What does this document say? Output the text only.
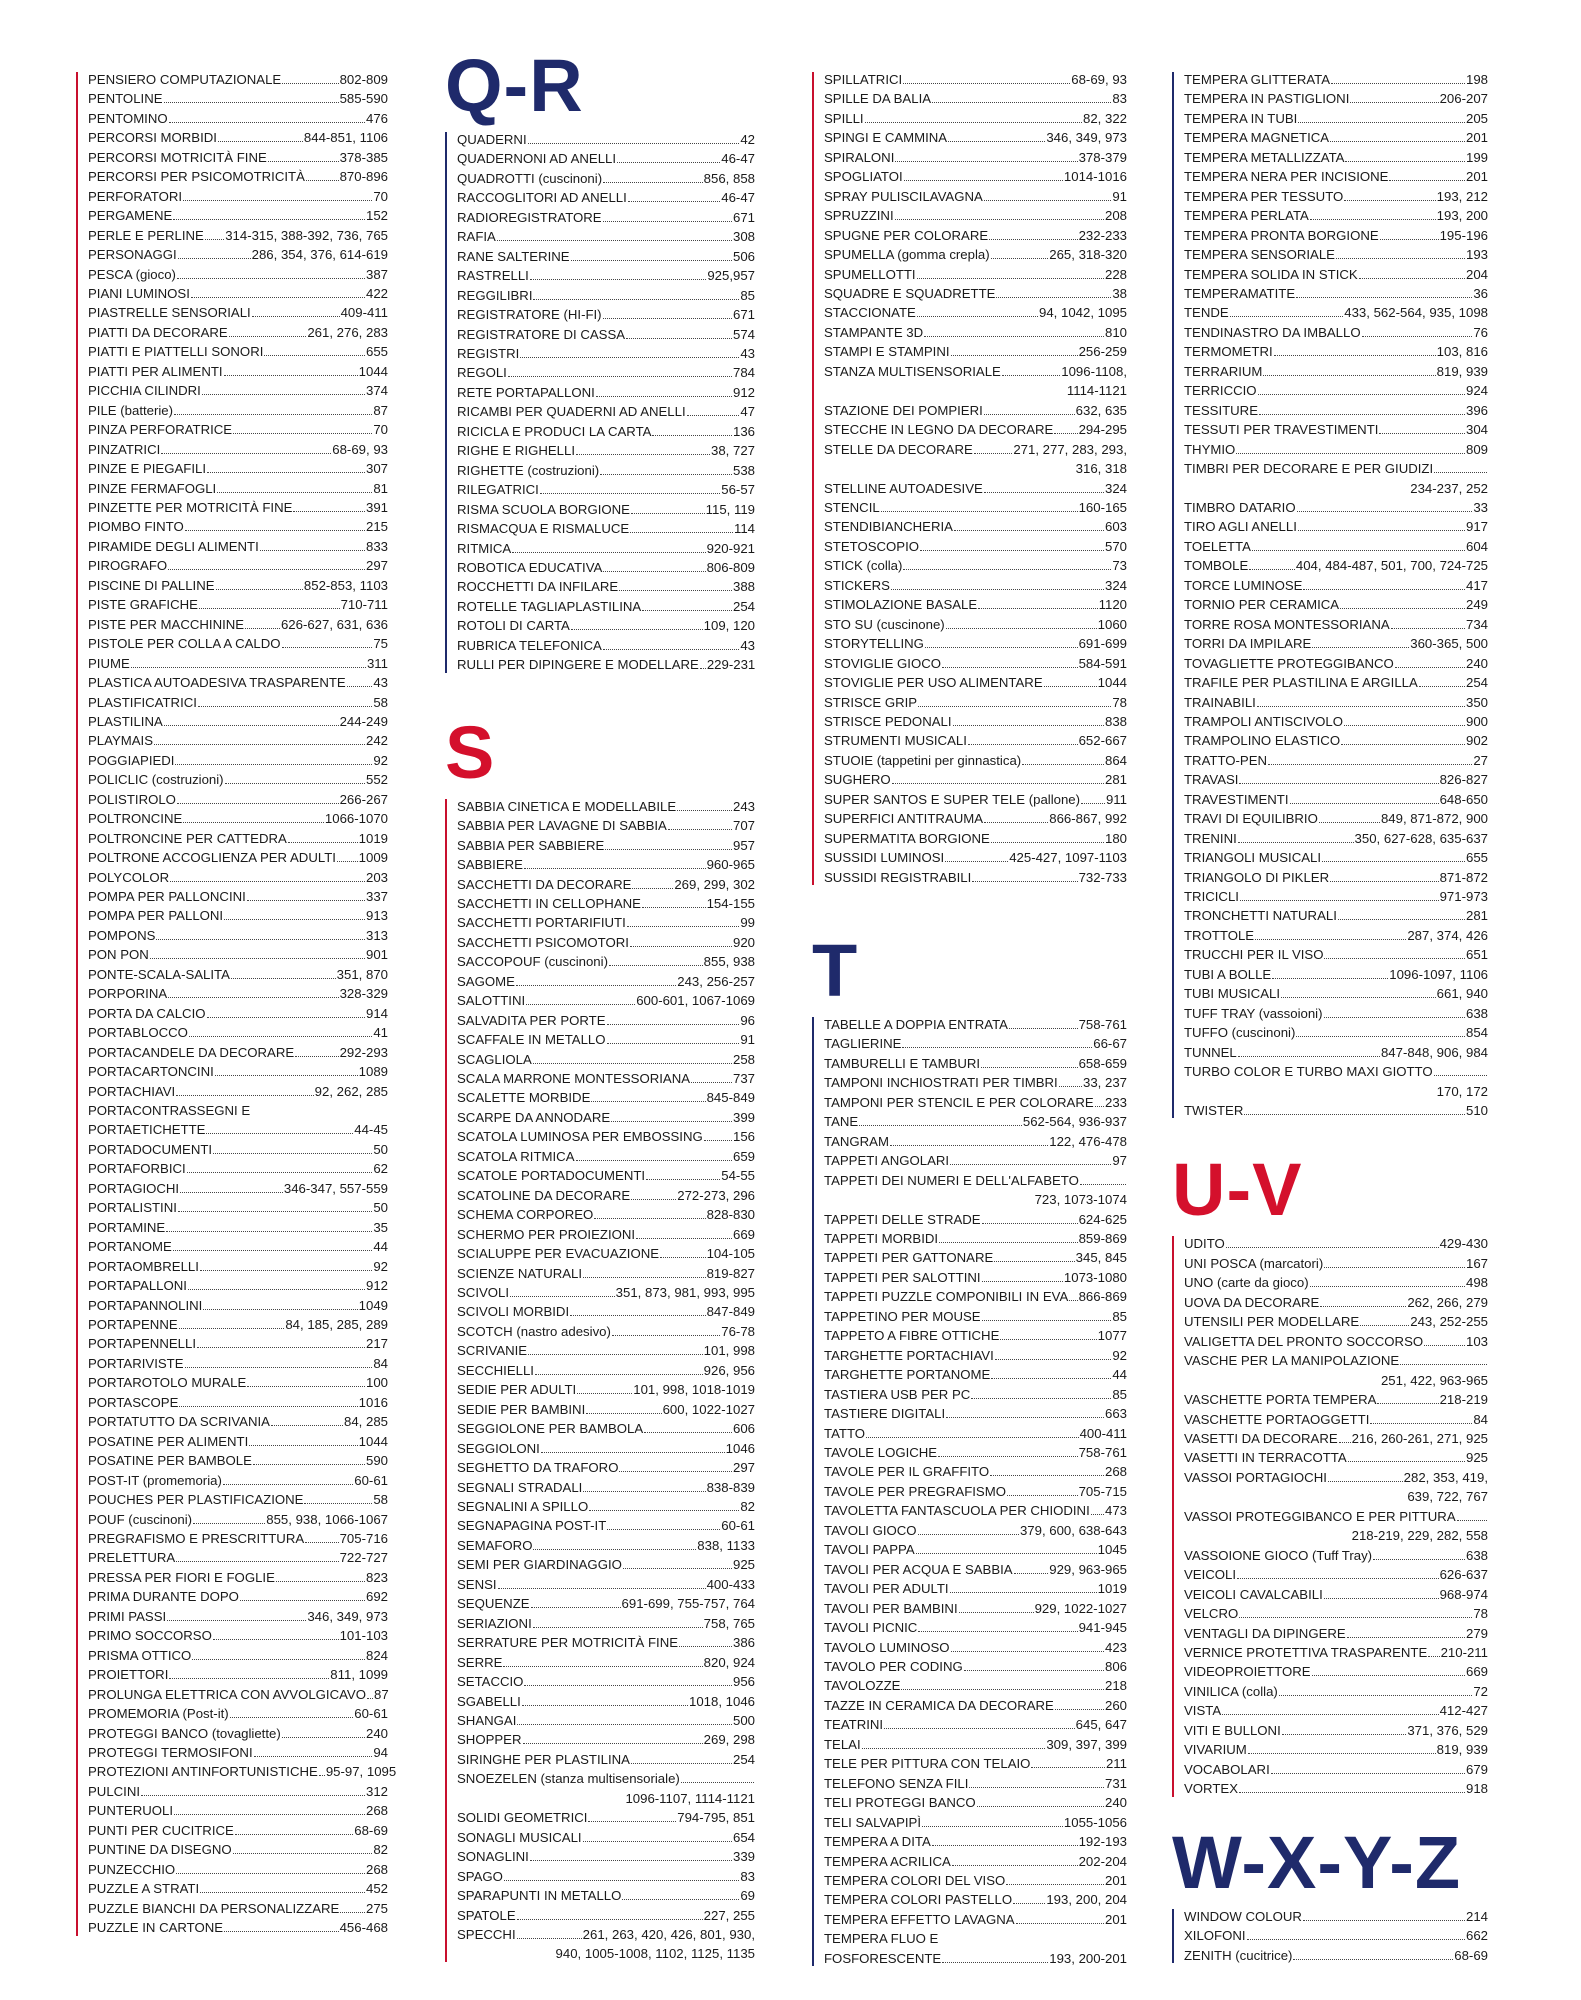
PENSIERO COMPUTAZIONALE	802-809
PENTOLINE	585-590
PENTOMINO	476
PERCORSI MORBIDI	844-851, 1106
PERCORSI MOTRICITÀ FINE	378-385
PERCORSI PER PSICOMOTRICITÀ	870-896
PERFORATORI	70
PERGAMENE	152
PERLE E PERLINE 314-315, 388-392, 736, 765
PERSONAGGI	286, 354, 376, 614-619
PESCA (gioco)	387
PIANI LUMINOSI	422
PIASTRELLE SENSORIALI	409-411
PIATTI DA DECORARE	261, 276, 283
PIATTI E PIATTELLI SONORI	655
PIATTI PER ALIMENTI	1044
PICCHIA CILINDRI	374
PILE (batterie)	87
PINZA PERFORATRICE	70
PINZATRICI	68-69, 93
PINZE E PIEGAFILI	307
PINZE FERMAFOGLI	81
PINZETTE PER MOTRICITÀ FINE	391
PIOMBO FINTO	215
PIRAMIDE DEGLI ALIMENTI	833
PIROGRAFO	297
PISCINE DI PALLINE	852-853, 1103
PISTE GRAFICHE	710-711
PISTE PER MACCHININE	626-627, 631, 636
PISTOLE PER COLLA A CALDO	75
PIUME	311
PLASTICA AUTOADESIVA TRASPARENTE 43
PLASTIFICATRICI	58
PLASTILINA	244-249
PLAYMAIS	242
POGGIAPIEDI	92
POLICLIC (costruzioni)	552
POLISTIROLO	266-267
POLTRONCINE	1066-1070
POLTRONCINE PER CATTEDRA	1019
POLTRONE ACCOGLIENZA PER ADULTI 1009
POLYCOLOR	203
POMPA PER PALLONCINI	337
POMPA PER PALLONI	913
POMPONS	313
PON PON	901
PONTE-SCALA-SALITA	351, 870
PORPORINA	328-329
PORTA DA CALCIO	914
PORTABLOCCO	41
PORTACANDELE DA DECORARE	292-293
PORTACARTONCINI	1089
PORTACHIAVI	92, 262, 285
PORTACONTRASSEGNI E
PORTAETICHETTE	44-45
PORTADOCUMENTI	50
PORTAFORBICI	62
PORTAGIOCHI	346-347, 557-559
PORTALISTINI	50
PORTAMINE	35
PORTANOME	44
PORTAOMBRELLI	92
PORTAPALLONI	912
PORTAPANNOLINI	1049
PORTAPENNE	84, 185, 285, 289
PORTAPENNELLI	217
PORTARIVISTE	84
PORTAROTOLO MURALE	100
PORTASCOPE	1016
PORTATUTTO DA SCRIVANIA	84, 285
POSATINE PER ALIMENTI	1044
POSATINE PER BAMBOLE	590
POST-IT (promemoria)	60-61
POUCHES PER PLASTIFICAZIONE	58
POUF (cuscinoni)	855, 938, 1066-1067
PREGRAFISMO E PRESCRITTURA	705-716
PRELETTURA	722-727
PRESSA PER FIORI E FOGLIE	823
PRIMA DURANTE DOPO	692
PRIMI PASSI	346, 349, 973
PRIMO SOCCORSO	101-103
PRISMA OTTICO	824
PROIETTORI	811, 1099
PROLUNGA ELETTRICA CON AVVOLGICAVO 87
PROMEMORIA (Post-it)	60-61
PROTEGGI BANCO (tovagliette)	240
PROTEGGI TERMOSIFONI	94
PROTEZIONI ANTINFORTUNISTICHE 95-97, 1095
PULCINI	312
PUNTERUOLI	268
PUNTI PER CUCITRICE	68-69
PUNTINE DA DISEGNO	82
PUNZECCHIO	268
PUZZLE A STRATI	452
PUZZLE BIANCHI DA PERSONALIZZARE 275
PUZZLE IN CARTONE	456-468
Q-R
QUADERNI	42
QUADERNONI AD ANELLI	46-47
QUADROTTI (cuscinoni)	856, 858
RACCOGLITORI AD ANELLI	46-47
RADIOREGISTRATORE	671
RAFIA	308
RANE SALTERINE	506
RASTRELLI	925,957
REGGILIBRI	85
REGISTRATORE (HI-FI)	671
REGISTRATORE DI CASSA	574
REGISTRI	43
REGOLI	784
RETE PORTAPALLONI	912
RICAMBI PER QUADERNI AD ANELLI	47
RICICLA E PRODUCI LA CARTA	136
RIGHE E RIGHELLI	38, 727
RIGHETTE (costruzioni)	538
RILEGATRICI	56-57
RISMA SCUOLA BORGIONE	115, 119
RISMACQUA E RISMALUCE	114
RITMICA	920-921
ROBOTICA EDUCATIVA	806-809
ROCCHETTI DA INFILARE	388
ROTELLE TAGLIAPLASTILINA	254
ROTOLI DI CARTA	109, 120
RUBRICA TELEFONICA	43
RULLI PER DIPINGERE E MODELLARE 229-231
S
SABBIA CINETICA E MODELLABILE	243
SABBIA PER LAVAGNE DI SABBIA	707
SABBIA PER SABBIERE	957
SABBIERE	960-965
SACCHETTI DA DECORARE	269, 299, 302
SACCHETTI IN CELLOPHANE	154-155
SACCHETTI PORTARIFIUTI	99
SACCHETTI PSICOMOTORI	920
SACCOPOUF (cuscinoni)	855, 938
SAGOME	243, 256-257
SALOTTINI	600-601, 1067-1069
SALVADITA PER PORTE	96
SCAFFALE IN METALLO	91
SCAGLIOLA	258
SCALA MARRONE MONTESSORIANA	737
SCALETTE MORBIDE	845-849
SCARPE DA ANNODARE	399
SCATOLA LUMINOSA PER EMBOSSING 156
SCATOLA RITMICA	659
SCATOLE PORTADOCUMENTI	54-55
SCATOLINE DA DECORARE	272-273, 296
SCHEMA CORPOREO	828-830
SCHERMO PER PROIEZIONI	669
SCIALUPPE PER EVACUAZIONE	104-105
SCIENZE NATURALI	819-827
SCIVOLI	351, 873, 981, 993, 995
SCIVOLI MORBIDI	847-849
SCOTCH (nastro adesivo)	76-78
SCRIVANIE	101, 998
SECCHIELLI	926, 956
SEDIE PER ADULTI	101, 998, 1018-1019
SEDIE PER BAMBINI	600, 1022-1027
SEGGIOLONE PER BAMBOLA	606
SEGGIOLONI	1046
SEGHETTO DA TRAFORO	297
SEGNALI STRADALI	838-839
SEGNALINI A SPILLO	82
SEGNAPAGINA POST-IT	60-61
SEMAFORO	838, 1133
SEMI PER GIARDINAGGIO	925
SENSI	400-433
SEQUENZE	691-699, 755-757, 764
SERIAZIONI	758, 765
SERRATURE PER MOTRICITÀ FINE	386
SERRE	820, 924
SETACCIO	956
SGABELLI	1018, 1046
SHANGAI	500
SHOPPER	269, 298
SIRINGHE PER PLASTILINA	254
SNOEZELEN (stanza multisensoriale)
1096-1107, 1114-1121
SOLIDI GEOMETRICI	794-795, 851
SONAGLI MUSICALI	654
SONAGLINI	339
SPAGO	83
SPARAPUNTI IN METALLO	69
SPATOLE	227, 255
SPECCHI	261, 263, 420, 426, 801, 930,
940, 1005-1008, 1102, 1125, 1135
SPILLATRICI	68-69, 93
SPILLE DA BALIA	83
SPILLI	82, 322
SPINGI E CAMMINA	346, 349, 973
SPIRALONI	378-379
SPOGLIATOI	1014-1016
SPRAY PULISCILAVAGNA	91
SPRUZZINI	208
SPUGNE PER COLORARE	232-233
SPUMELLA (gomma crepla)	265, 318-320
SPUMELLOTTI	228
SQUADRE E SQUADRETTE	38
STACCIONATE	94, 1042, 1095
STAMPANTE 3D	810
STAMPI E STAMPINI	256-259
STANZA MULTISENSORIALE	1096-1108,
1114-1121
STAZIONE DEI POMPIERI	632, 635
STECCHE IN LEGNO DA DECORARE 294-295
STELLE DA DECORARE	271, 277, 283, 293,
316, 318
STELLINE AUTOADESIVE	324
STENCIL	160-165
STENDIBIANCHERIA	603
STETOSCOPIO	570
STICK (colla)	73
STICKERS	324
STIMOLAZIONE BASALE	1120
STO SU (cuscinone)	1060
STORYTELLING	691-699
STOVIGLIE GIOCO	584-591
STOVIGLIE PER USO ALIMENTARE	1044
STRISCE GRIP	78
STRISCE PEDONALI	838
STRUMENTI MUSICALI	652-667
STUOIE (tappetini per ginnastica)	864
SUGHERO	281
SUPER SANTOS E SUPER TELE (pallone) 911
SUPERFICI ANTITRAUMA	866-867, 992
SUPERMATITA BORGIONE	180
SUSSIDI LUMINOSI	425-427, 1097-1103
SUSSIDI REGISTRABILI	732-733
T
TABELLE A DOPPIA ENTRATA	758-761
TAGLIERINE	66-67
TAMBURELLI E TAMBURI	658-659
TAMPONI INCHIOSTRATI PER TIMBRI 33, 237
TAMPONI PER STENCIL E PER COLORARE 233
TANE	562-564, 936-937
TANGRAM	122, 476-478
TAPPETI ANGOLARI	97
TAPPETI DEI NUMERI E DELL'ALFABETO
723, 1073-1074
TAPPETI DELLE STRADE	624-625
TAPPETI MORBIDI	859-869
TAPPETI PER GATTONARE	345, 845
TAPPETI PER SALOTTINI	1073-1080
TAPPETI PUZZLE COMPONIBILI IN EVA 866-869
TAPPETINO PER MOUSE	85
TAPPETO A FIBRE OTTICHE	1077
TARGHETTE PORTACHIAVI	92
TARGHETTE PORTANOME	44
TASTIERA USB PER PC	85
TASTIERE DIGITALI	663
TATTO	400-411
TAVOLE LOGICHE	758-761
TAVOLE PER IL GRAFFITO	268
TAVOLE PER PREGRAFISMO	705-715
TAVOLETTA FANTASCUOLA PER CHIODINI 473
TAVOLI GIOCO	379, 600, 638-643
TAVOLI PAPPA	1045
TAVOLI PER ACQUA E SABBIA	929, 963-965
TAVOLI PER ADULTI	1019
TAVOLI PER BAMBINI	929, 1022-1027
TAVOLI PICNIC	941-945
TAVOLO LUMINOSO	423
TAVOLO PER CODING	806
TAVOLOZZE	218
TAZZE IN CERAMICA DA DECORARE	260
TEATRINI	645, 647
TELAI	309, 397, 399
TELE PER PITTURA CON TELAIO	211
TELEFONO SENZA FILI	731
TELI PROTEGGI BANCO	240
TELI SALVAPIPÌ	1055-1056
TEMPERA A DITA	192-193
TEMPERA ACRILICA	202-204
TEMPERA COLORI DEL VISO	201
TEMPERA COLORI PASTELLO	193, 200, 204
TEMPERA EFFETTO LAVAGNA	201
TEMPERA FLUO E
FOSFORESCENTE	193, 200-201
TEMPERA GLITTERATA	198
TEMPERA IN PASTIGLIONI	206-207
TEMPERA IN TUBI	205
TEMPERA MAGNETICA	201
TEMPERA METALLIZZATA	199
TEMPERA NERA PER INCISIONE	201
TEMPERA PER TESSUTO	193, 212
TEMPERA PERLATA	193, 200
TEMPERA PRONTA BORGIONE	195-196
TEMPERA SENSORIALE	193
TEMPERA SOLIDA IN STICK	204
TEMPERAMATITE	36
TENDE	433, 562-564, 935, 1098
TENDINASTRO DA IMBALLO	76
TERMOMETRI	103, 816
TERRARIUM	819, 939
TERRICCIO	924
TESSITURE	396
TESSUTI PER TRAVESTIMENTI	304
THYMIO	809
TIMBRI PER DECORARE E PER GIUDIZI
234-237, 252
TIMBRO DATARIO	33
TIRO AGLI ANELLI	917
TOELETTA	604
TOMBOLE	404, 484-487, 501, 700, 724-725
TORCE LUMINOSE	417
TORNIO PER CERAMICA	249
TORRE ROSA MONTESSORIANA	734
TORRI DA IMPILARE	360-365, 500
TOVAGLIETTE PROTEGGIBANCO	240
TRAFILE PER PLASTILINA E ARGILLA	254
TRAINABILI	350
TRAMPOLI ANTISCIVOLO	900
TRAMPOLINO ELASTICO	902
TRATTO-PEN	27
TRAVASI	826-827
TRAVESTIMENTI	648-650
TRAVI DI EQUILIBRIO	849, 871-872, 900
TRENINI	350, 627-628, 635-637
TRIANGOLI MUSICALI	655
TRIANGOLO DI PIKLER	871-872
TRICICLI	971-973
TRONCHETTI NATURALI	281
TROTTOLE	287, 374, 426
TRUCCHI PER IL VISO	651
TUBI A BOLLE	1096-1097, 1106
TUBI MUSICALI	661, 940
TUFF TRAY (vassoioni)	638
TUFFO (cuscinoni)	854
TUNNEL	847-848, 906, 984
TURBO COLOR E TURBO MAXI GIOTTO
170, 172
TWISTER	510
U-V
UDITO	429-430
UNI POSCA (marcatori)	167
UNO (carte da gioco)	498
UOVA DA DECORARE	262, 266, 279
UTENSILI PER MODELLARE	243, 252-255
VALIGETTA DEL PRONTO SOCCORSO	103
VASCHE PER LA MANIPOLAZIONE
251, 422, 963-965
VASCHETTE PORTA TEMPERA	218-219
VASCHETTE PORTAOGGETTI	84
VASETTI DA DECORARE 216, 260-261, 271, 925
VASETTI IN TERRACOTTA	925
VASSOI PORTAGIOCHI	282, 353, 419,
639, 722, 767
VASSOI PROTEGGIBANCO E PER PITTURA
218-219, 229, 282, 558
VASSOIONE GIOCO (Tuff Tray)	638
VEICOLI	626-637
VEICOLI CAVALCABILI	968-974
VELCRO	78
VENTAGLI DA DIPINGERE	279
VERNICE PROTETTIVA TRASPARENTE 210-211
VIDEOPROIETTORE	669
VINILICA (colla)	72
VISTA	412-427
VITI E BULLONI	371, 376, 529
VIVARIUM	819, 939
VOCABOLARI	679
VORTEX	918
W-X-Y-Z
WINDOW COLOUR	214
XILOFONI	662
ZENITH (cucitrice)	68-69
